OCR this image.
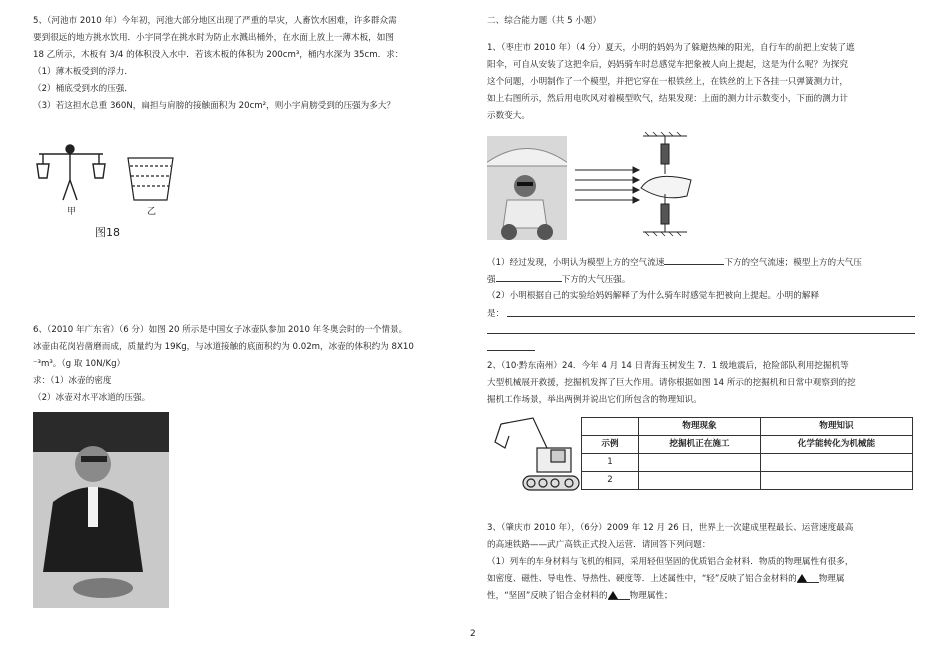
5、（河池市 2010 年）今年初，河池大部分地区出现了严重的旱灾，人畜饮水困难，许多群众需

要到很远的地方挑水饮用．小宇同学在挑水时为防止水溅出桶外，在水面上放上一薄木板，如图

18 乙所示，木板有 3/4 的体积没入水中．若该木板的体积为 200cm³，桶内水深为 35cm．求：

（1）薄木板受到的浮力．

（2）桶底受到水的压强．

（3）若这担水总重 360N，扁担与肩膀的接触面积为 20cm²，则小宇肩膀受到的压强为多大？

甲	乙
图18

6、（2010 年广东省）（6 分）如图 20 所示是中国女子冰壶队参加 2010 年冬奥会时的一个情景。

冰壶由花岗岩凿磨而成，质量约为 19Kg，与冰道接触的底面积约为 0.02m，冰壶的体积约为 8X10

⁻³m³。（g 取 10N/Kg）

求：（1）冰壶的密度

（2）冰壶对水平冰道的压强。

二、综合能力题（共 5 小题）

1、（枣庄市 2010 年）（4 分）夏天，小明的妈妈为了躲避热辣的阳光，自行车的前把上安装了遮

阳伞，可自从安装了这把伞后，妈妈骑车时总感觉车把象被人向上提起，这是为什么呢？为探究

这个问题，小明制作了一个模型，并把它穿在一根铁丝上，在铁丝的上下各挂一只弹簧测力计，

如上右图所示，然后用电吹风对着模型吹气，结果发现：上面的测力计示数变小，下面的测力计

示数变大。

（1）经过发现，小明认为模型上方的空气流速	下方的空气流速；模型上方的大气压

强	下方的大气压强。

（2）小明根据自己的实验给妈妈解释了为什么骑车时感觉车把被向上提起。小明的解释

是：

2、（10·黔东南州）24．今年 4 月 14 日青海玉树发生 7．1 级地震后，抢险部队利用挖掘机等

大型机械展开救援，挖掘机发挥了巨大作用。请你根据如图 14 所示的挖掘机和日常中观察到的挖

掘机工作场景，举出两例并说出它们所包含的物理知识。

	物理现象	物理知识
示例	挖掘机正在施工	化学能转化为机械能
1		
2		

3、（肇庆市 2010 年），（6分）2009 年 12 月 26 日，世界上一次建成里程最长、运营速度最高

的高速铁路——武广高铁正式投入运营．请回答下列问题：

（1）列车的车身材料与飞机的相同，采用轻但坚固的优质铝合金材料．物质的物理属性有很多，

如密度、磁性、导电性、导热性、硬度等．上述属性中，“轻”反映了铝合金材料的	物理属

性，“坚固”反映了铝合金材料的	物理属性；

2
